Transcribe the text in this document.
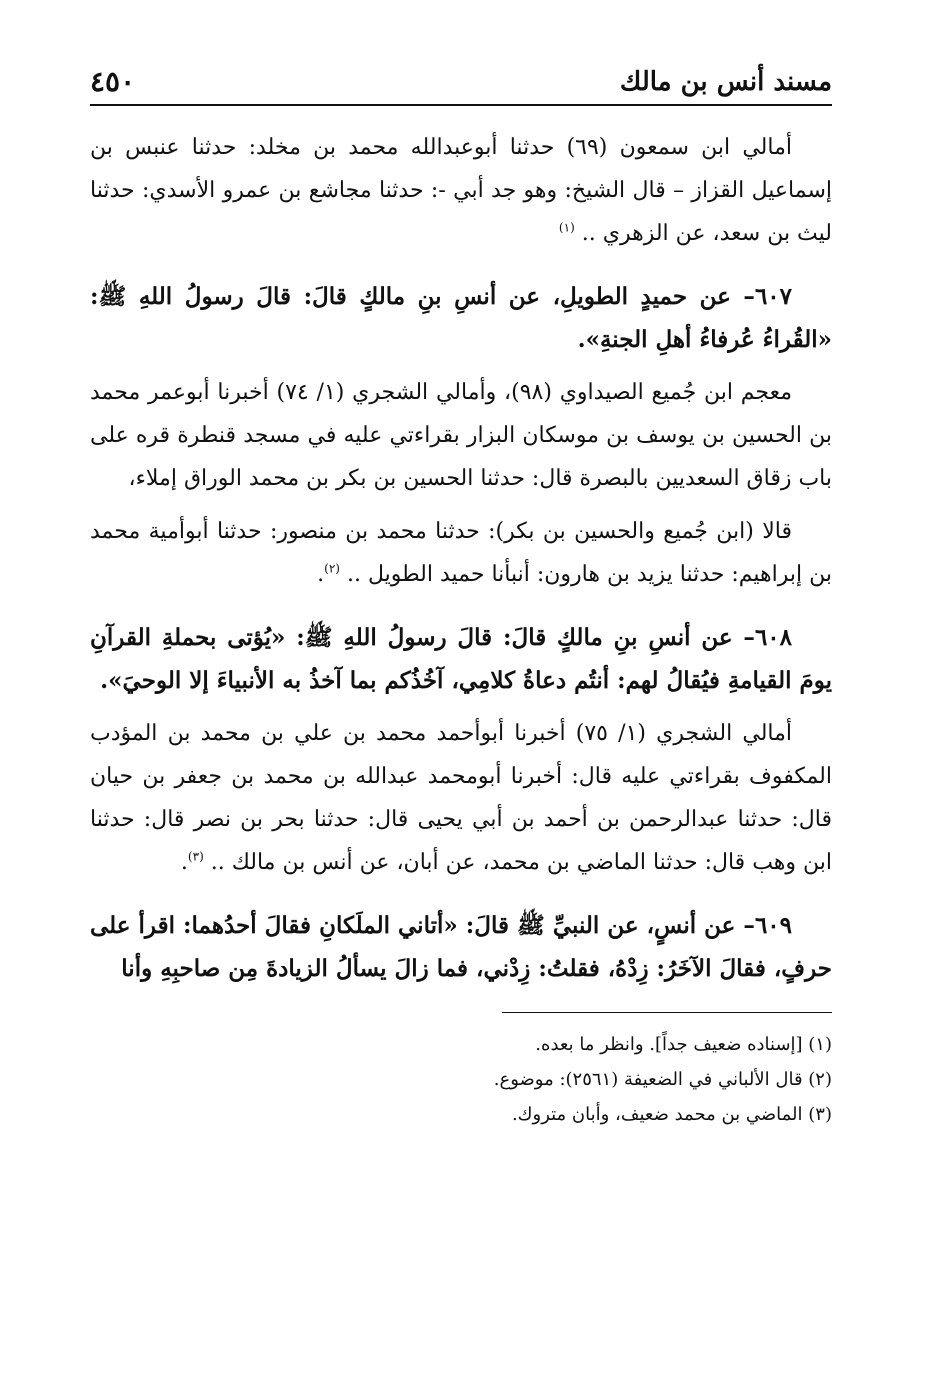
مسند أنس بن مالك
٤٥٠

أمالي ابن سمعون (٦٩) حدثنا أبوعبدالله محمد بن مخلد: حدثنا عنبس بن إسماعيل القزاز – قال الشيخ: وهو جد أبي -: حدثنا مجاشع بن عمرو الأسدي: حدثنا ليث بن سعد، عن الزهري .. $^{(١)}$

٦٠٧– عن حميدٍ الطويلِ، عن أنسِ بنِ مالكٍ قالَ: قالَ رسولُ اللهِ ﷺ: «القُراءُ عُرفاءُ أهلِ الجنةِ».

معجم ابن جُميع الصيداوي (٩٨)، وأمالي الشجري (١/ ٧٤) أخبرنا أبوعمر محمد بن الحسين بن يوسف بن موسكان البزار بقراءتي عليه في مسجد قنطرة قره على باب زقاق السعديين بالبصرة قال: حدثنا الحسين بن بكر بن محمد الوراق إملاء،

قالا (ابن جُميع والحسين بن بكر): حدثنا محمد بن منصور: حدثنا أبوأمية محمد بن إبراهيم: حدثنا يزيد بن هارون: أنبأنا حميد الطويل .. $^{(٢)}$.

٦٠٨– عن أنسِ بنِ مالكٍ قالَ: قالَ رسولُ اللهِ ﷺ: «يُؤتى بحملةِ القرآنِ يومَ القيامةِ فيُقالُ لهم: أنتُم دعاةُ كلامِي، آخُذُكم بما آخذُ به الأنبياءَ إلا الوحيَ».

أمالي الشجري (١/ ٧٥) أخبرنا أبوأحمد محمد بن علي بن محمد بن المؤدب المكفوف بقراءتي عليه قال: أخبرنا أبومحمد عبدالله بن محمد بن جعفر بن حيان قال: حدثنا عبدالرحمن بن أحمد بن أبي يحيى قال: حدثنا بحر بن نصر قال: حدثنا ابن وهب قال: حدثنا الماضي بن محمد، عن أبان، عن أنس بن مالك .. $^{(٣)}$.

٦٠٩– عن أنسٍ، عن النبيِّ ﷺ قالَ: «أتاني الملَكانِ فقالَ أحدُهما: اقرأ على حرفٍ، فقالَ الآخَرُ: زِدْهُ، فقلتُ: زِدْني، فما زالَ يسألُ الزيادةَ مِن صاحبِهِ وأنا

(١) [إسناده ضعيف جداً]. وانظر ما بعده.

(٢) قال الألباني في الضعيفة (٢٥٦١): موضوع.

(٣) الماضي بن محمد ضعيف، وأبان متروك.
